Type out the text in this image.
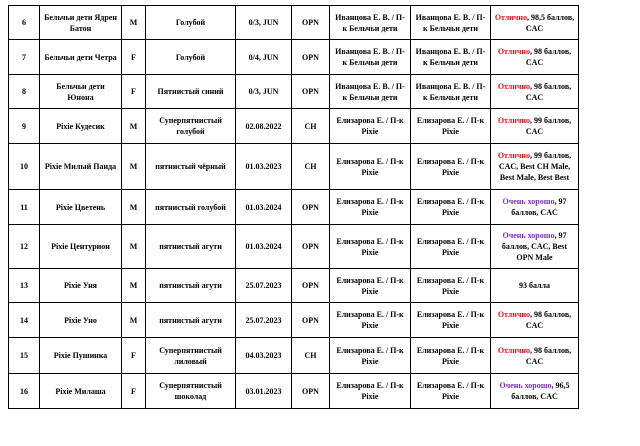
6	Бельчьи дети Ядрен Батон	M	Голубой	0/3, JUN	OPN	Иванцова Е. В. / П-к Бельчьи дети	Иванцова Е. В. / П-к Бельчьи дети	Отлично, 98,5 баллов, CAC
7	Бельчьи дети Четра	F	Голубой	0/4, JUN	OPN	Иванцова Е. В. / П-к Бельчьи дети	Иванцова Е. В. / П-к Бельчьи дети	Отлично, 98 баллов, CAC
8	Бельчьи дети Юнона	F	Пятнистый синий	0/3, JUN	OPN	Иванцова Е. В. / П-к Бельчьи дети	Иванцова Е. В. / П-к Бельчьи дети	Отлично, 98 баллов, CAC
9	Pixie Кудесик	M	Суперпятнистый голубой	02.08.2022	CH	Елизарова Е. / П-к Pixie	Елизарова Е. / П-к Pixie	Отлично, 99 баллов, CAC
10	Pixie Милый Панда	M	пятнистый чёрный	01.03.2023	CH	Елизарова Е. / П-к Pixie	Елизарова Е. / П-к Pixie	Отлично, 99 баллов, CAC, Best CH Male, Best Male, Best Best
11	Pixie Цветень	M	пятнистый голубой	01.03.2024	OPN	Елизарова Е. / П-к Pixie	Елизарова Е. / П-к Pixie	Очень хорошо, 97 баллов, CAC
12	Pixie Центурион	M	пятнистый агути	01.03.2024	OPN	Елизарова Е. / П-к Pixie	Елизарова Е. / П-к Pixie	Очень хорошо, 97 баллов, CAC, Best OPN Male
13	Pixie Уня	M	пятнистый агути	25.07.2023	OPN	Елизарова Е. / П-к Pixie	Елизарова Е. / П-к Pixie	93 балла
14	Pixie Уно	M	пятнистый агути	25.07.2023	OPN	Елизарова Е. / П-к Pixie	Елизарова Е. / П-к Pixie	Отлично, 98 баллов, CAC
15	Pixie Пушинка	F	Суперпятнистый лиловый	04.03.2023	CH	Елизарова Е. / П-к Pixie	Елизарова Е. / П-к Pixie	Отлично, 98 баллов, CAC
16	Pixie Милаша	F	Суперпятнистый шоколад	03.01.2023	OPN	Елизарова Е. / П-к Pixie	Елизарова Е. / П-к Pixie	Очень хорошо, 96,5 баллов, CAC
